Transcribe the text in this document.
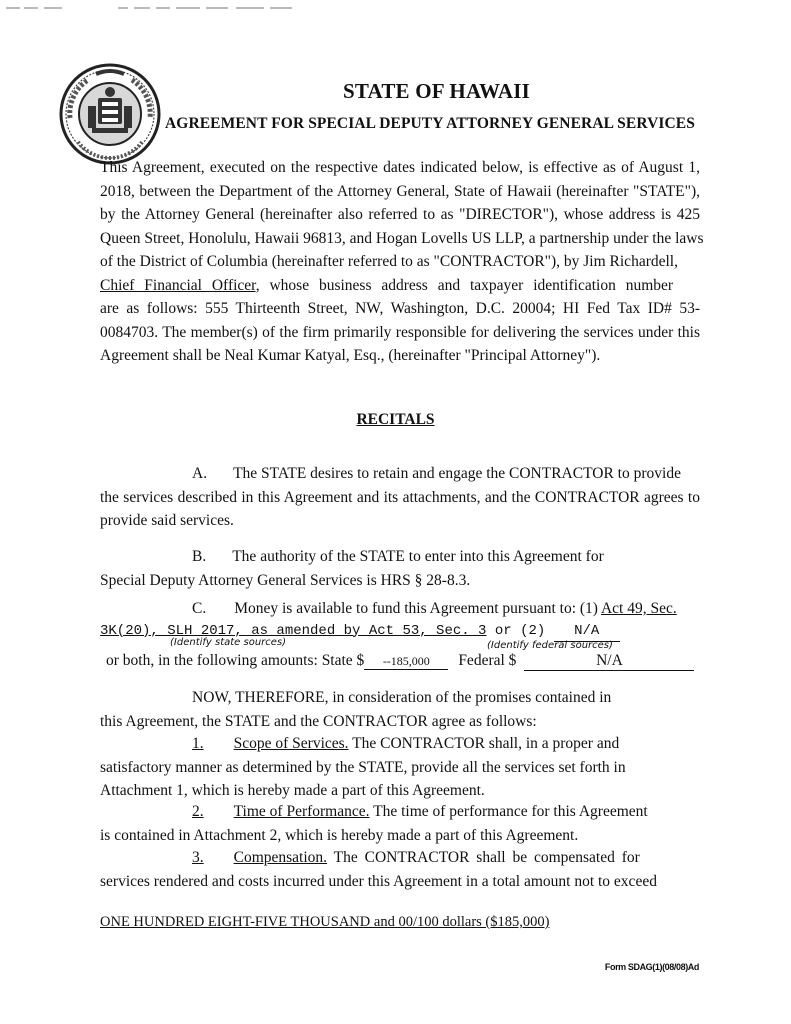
STATE OF HAWAII
AGREEMENT FOR SPECIAL DEPUTY ATTORNEY GENERAL SERVICES
This Agreement, executed on the respective dates indicated below, is effective as of August 1,
2018, between the Department of the Attorney General, State of Hawaii (hereinafter "STATE"),
by the Attorney General (hereinafter also referred to as "DIRECTOR"), whose address is 425
Queen Street, Honolulu, Hawaii 96813, and Hogan Lovells US LLP, a partnership under the laws
of the District of Columbia (hereinafter referred to as "CONTRACTOR"), by Jim Richardell,
Chief Financial Officer, whose business address and taxpayer identification number
are as follows: 555 Thirteenth Street, NW, Washington, D.C. 20004; HI Fed Tax ID# 53-
0084703. The member(s) of the firm primarily responsible for delivering the services under this
Agreement shall be Neal Kumar Katyal, Esq., (hereinafter "Principal Attorney").
RECITALS
A. The STATE desires to retain and engage the CONTRACTOR to provide
the services described in this Agreement and its attachments, and the CONTRACTOR agrees to
provide said services.
B. The authority of the STATE to enter into this Agreement for
Special Deputy Attorney General Services is HRS § 28-8.3.
C. Money is available to fund this Agreement pursuant to: (1) Act 49, Sec.
3K(20), SLH 2017, as amended by Act 53, Sec. 3 or (2) N/A
(Identify state sources)	(Identify federal sources)
or both, in the following amounts: State $ --185,000 Federal $	N/A
NOW, THEREFORE, in consideration of the promises contained in
this Agreement, the STATE and the CONTRACTOR agree as follows:
1. Scope of Services. The CONTRACTOR shall, in a proper and
satisfactory manner as determined by the STATE, provide all the services set forth in
Attachment 1, which is hereby made a part of this Agreement.
2. Time of Performance. The time of performance for this Agreement
is contained in Attachment 2, which is hereby made a part of this Agreement.
3. Compensation. The CONTRACTOR shall be compensated for
services rendered and costs incurred under this Agreement in a total amount not to exceed
ONE HUNDRED EIGHT-FIVE THOUSAND and 00/100 dollars ($185,000)
Form SDAG(1)(08/08)Ad
